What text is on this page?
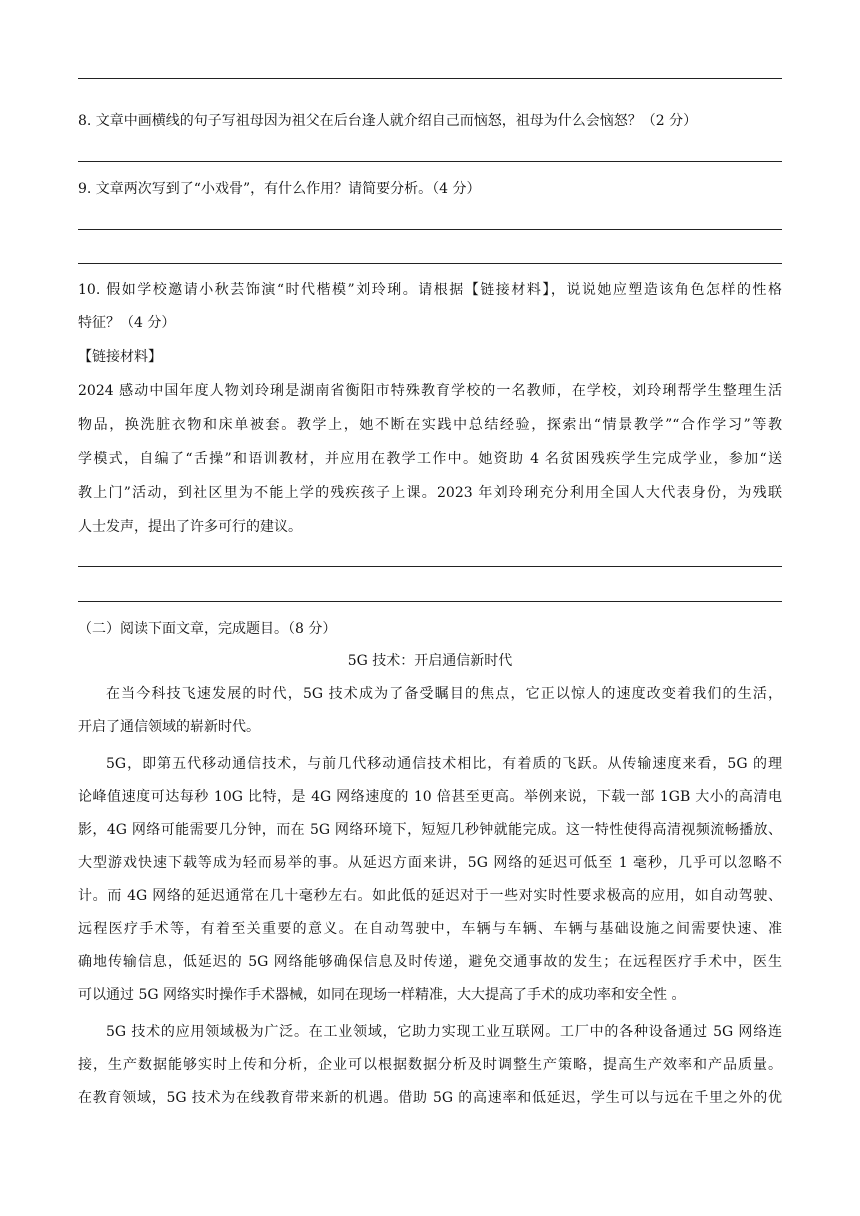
8. 文章中画横线的句子写祖母因为祖父在后台逢人就介绍自己而恼怒，祖母为什么会恼怒？（2 分）
9. 文章两次写到了“小戏骨”，有什么作用？请简要分析。（4 分）
10. 假如学校邀请小秋芸饰演“时代楷模”刘玲琍。请根据【链接材料】，说说她应塑造该角色怎样的性格
特征？（4 分）
【链接材料】
2024 感动中国年度人物刘玲琍是湖南省衡阳市特殊教育学校的一名教师，在学校，刘玲琍帮学生整理生活
物品，换洗脏衣物和床单被套。教学上，她不断在实践中总结经验，探索出“情景教学”“合作学习”等教
学模式，自编了“舌操”和语训教材，并应用在教学工作中。她资助 4 名贫困残疾学生完成学业，参加“送
教上门”活动，到社区里为不能上学的残疾孩子上课。2023 年刘玲琍充分利用全国人大代表身份，为残联
人士发声，提出了许多可行的建议。
（二）阅读下面文章，完成题目。（8 分）
5G 技术：开启通信新时代
在当今科技飞速发展的时代，5G 技术成为了备受瞩目的焦点，它正以惊人的速度改变着我们的生活，
开启了通信领域的崭新时代。
5G，即第五代移动通信技术，与前几代移动通信技术相比，有着质的飞跃。从传输速度来看，5G 的理
论峰值速度可达每秒 10G 比特，是 4G 网络速度的 10 倍甚至更高。举例来说，下载一部 1GB 大小的高清电
影，4G 网络可能需要几分钟，而在 5G 网络环境下，短短几秒钟就能完成。这一特性使得高清视频流畅播放、
大型游戏快速下载等成为轻而易举的事。从延迟方面来讲，5G 网络的延迟可低至 1 毫秒，几乎可以忽略不
计。而 4G 网络的延迟通常在几十毫秒左右。如此低的延迟对于一些对实时性要求极高的应用，如自动驾驶、
远程医疗手术等，有着至关重要的意义。在自动驾驶中，车辆与车辆、车辆与基础设施之间需要快速、准
确地传输信息，低延迟的 5G 网络能够确保信息及时传递，避免交通事故的发生；在远程医疗手术中，医生
可以通过 5G 网络实时操作手术器械，如同在现场一样精准，大大提高了手术的成功率和安全性 。
5G 技术的应用领域极为广泛。在工业领域，它助力实现工业互联网。工厂中的各种设备通过 5G 网络连
接，生产数据能够实时上传和分析，企业可以根据数据分析及时调整生产策略，提高生产效率和产品质量。
在教育领域，5G 技术为在线教育带来新的机遇。借助 5G 的高速率和低延迟，学生可以与远在千里之外的优
